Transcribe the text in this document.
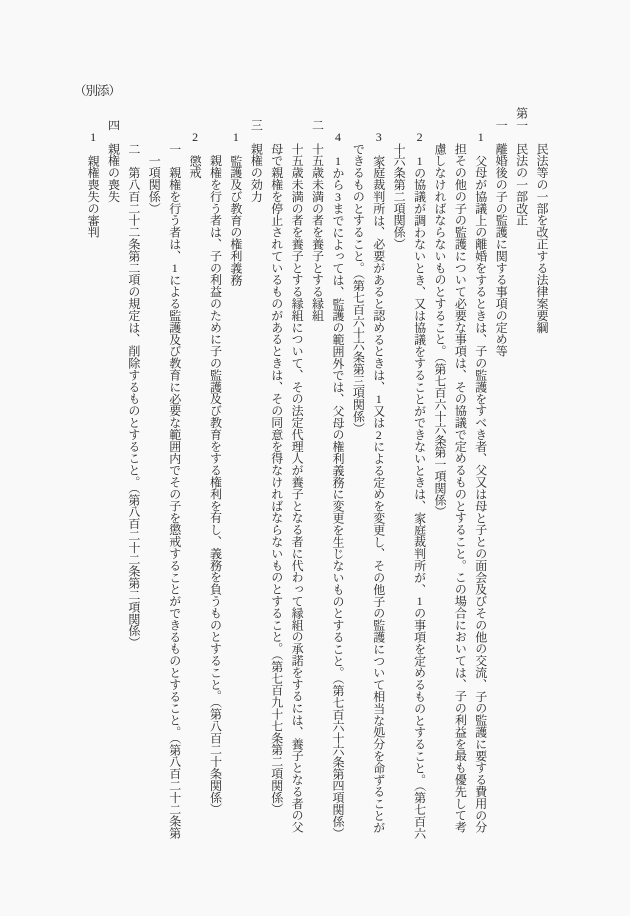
（別添）
　　　民法等の一部を改正する法律案要綱
第一　民法の一部改正
　一　離婚後の子の監護に関する事項の定め等
　　1　父母が協議上の離婚をするときは、子の監護をすべき者、父又は母と子との面会及びその他の交流、子の監護に要する費用の分
　　　担その他の子の監護について必要な事項は、その協議で定めるものとすること。この場合においては、子の利益を最も優先して考
　　　慮しなければならないものとすること。（第七百六十六条第一項関係）
　　2　1の協議が調わないとき、又は協議をすることができないときは、家庭裁判所が、1の事項を定めるものとすること。（第七百六
　　　十六条第二項関係）
　　3　家庭裁判所は、必要があると認めるときは、1又は2による定めを変更し、その他子の監護について相当な処分を命ずることが
　　　できるものとすること。（第七百六十六条第三項関係）
　　4　1から3までによっては、監護の範囲外では、父母の権利義務に変更を生じないものとすること。（第七百六十六条第四項関係）
　二　十五歳未満の者を養子とする縁組
　　　十五歳未満の者を養子とする縁組について、その法定代理人が養子となる者に代わって縁組の承諾をするには、養子となる者の父
　　　母で親権を停止されているものがあるときは、その同意を得なければならないものとすること。（第七百九十七条第二項関係）
　三　親権の効力
　　1　監護及び教育の権利義務
　　　　親権を行う者は、子の利益のために子の監護及び教育をする権利を有し、義務を負うものとすること。（第八百二十条関係）
　　2　懲戒
　　　一　親権を行う者は、1による監護及び教育に必要な範囲内でその子を懲戒することができるものとすること。（第八百二十二条第
　　　　一項関係）
　　　二　第八百二十二条第二項の規定は、削除するものとすること。（第八百二十二条第二項関係）
　四　親権の喪失
　　1　親権喪失の審判
